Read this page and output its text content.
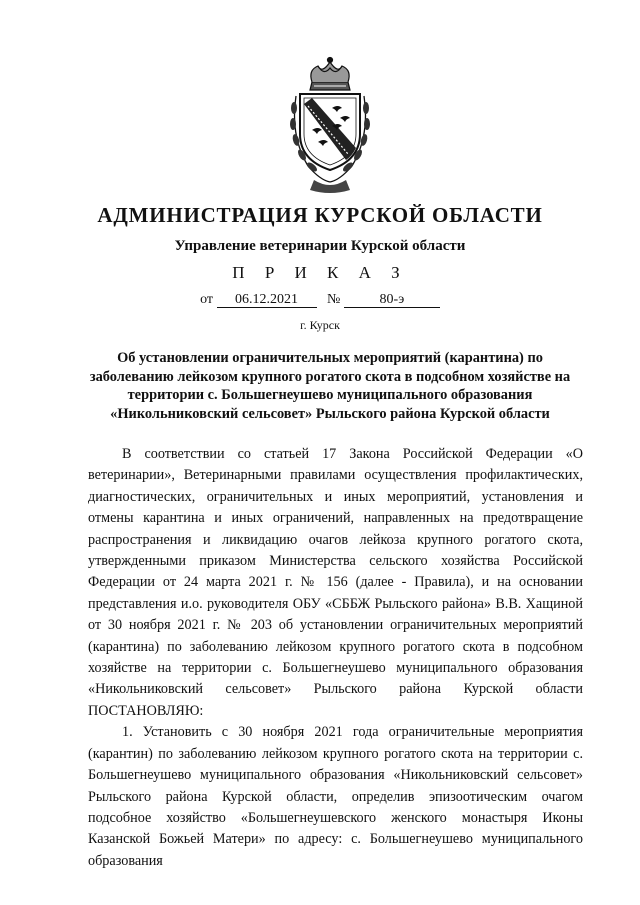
АДМИНИСТРАЦИЯ КУРСКОЙ ОБЛАСТИ
Управление ветеринарии Курской области
П Р И К А З
от 06.12.2021 №	80-э
г. Курск
Об установлении ограничительных мероприятий (карантина) по заболеванию лейкозом крупного рогатого скота в подсобном хозяйстве на территории с. Большегнеушево муниципального образования «Никольниковский сельсовет» Рыльского района Курской области

В соответствии со статьей 17 Закона Российской Федерации «О ветеринарии», Ветеринарными правилами осуществления профилактических, диагностических, ограничительных и иных мероприятий, установления и отмены карантина и иных ограничений, направленных на предотвращение распространения и ликвидацию очагов лейкоза крупного рогатого скота, утвержденными приказом Министерства сельского хозяйства Российской Федерации от 24 марта 2021 г. № 156 (далее - Правила), и на основании представления и.о. руководителя ОБУ «СББЖ Рыльского района» В.В. Хащиной от 30 ноября 2021 г. № 203 об установлении ограничительных мероприятий (карантина) по заболеванию лейкозом крупного рогатого скота в подсобном хозяйстве на территории с. Большегнеушево муниципального образования «Никольниковский сельсовет» Рыльского района Курской области ПОСТАНОВЛЯЮ:

1. Установить с 30 ноября 2021 года ограничительные мероприятия (карантин) по заболеванию лейкозом крупного рогатого скота на территории с. Большегнеушево муниципального образования «Никольниковский сельсовет» Рыльского района Курской области, определив эпизоотическим очагом подсобное хозяйство «Большегнеушевского женского монастыря Иконы Казанской Божьей Матери» по адресу: с. Большегнеушево муниципального образования
